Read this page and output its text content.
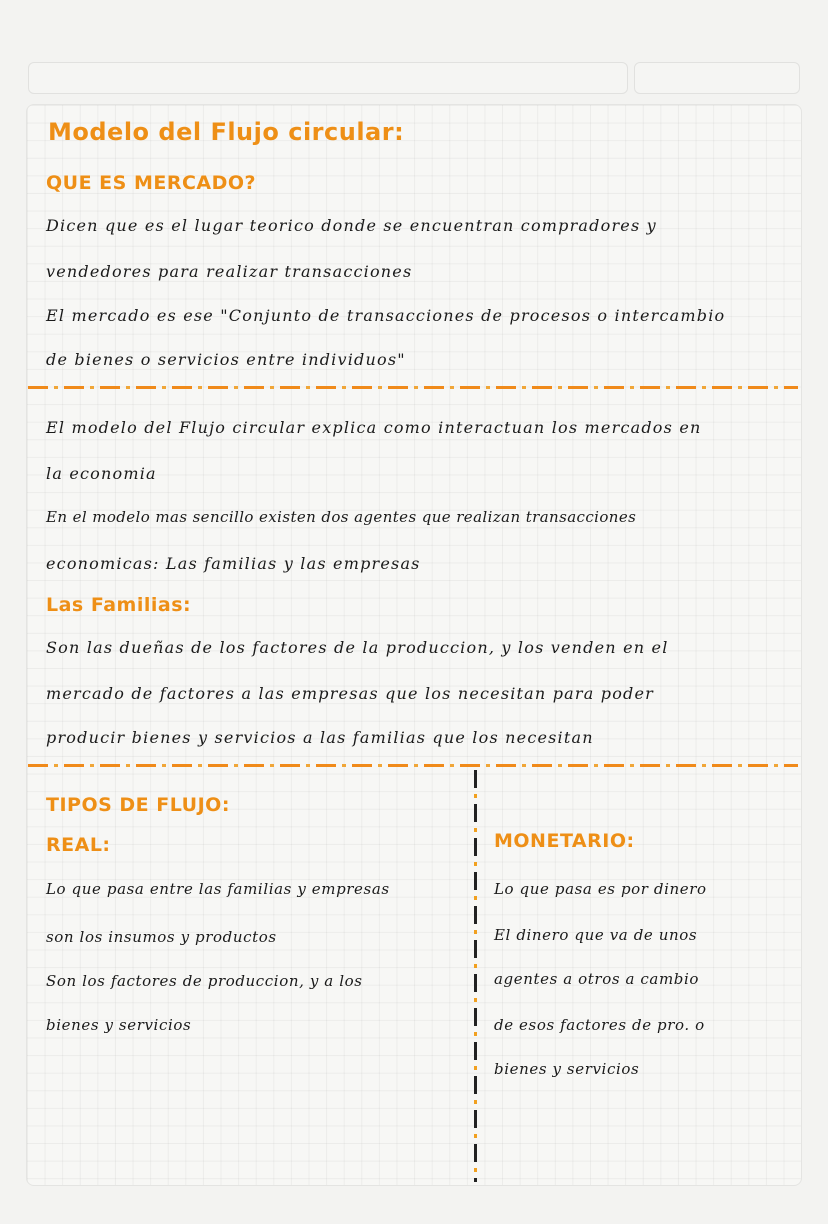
Modelo del Flujo circular:
QUE ES MERCADO?
Dicen que es el lugar teorico donde se encuentran compradores y
vendedores para realizar transacciones
El mercado es ese "Conjunto de transacciones de procesos o intercambio
de bienes o servicios entre individuos"
El modelo del Flujo circular explica como interactuan los mercados en
la economia
En el modelo mas sencillo existen dos agentes que realizan transacciones
economicas: Las familias y las empresas
Las Familias:
Son las dueñas de los factores de la produccion, y los venden en el
mercado de factores a las empresas que los necesitan para poder
producir bienes y servicios a las familias que los necesitan
TIPOS DE FLUJO:
REAL:
Lo que pasa entre las familias y empresas
son los insumos y productos
Son los factores de produccion, y a los
bienes y servicios
MONETARIO:
Lo que pasa es por dinero
El dinero que va de unos
agentes a otros a cambio
de esos factores de pro. o
bienes y servicios
